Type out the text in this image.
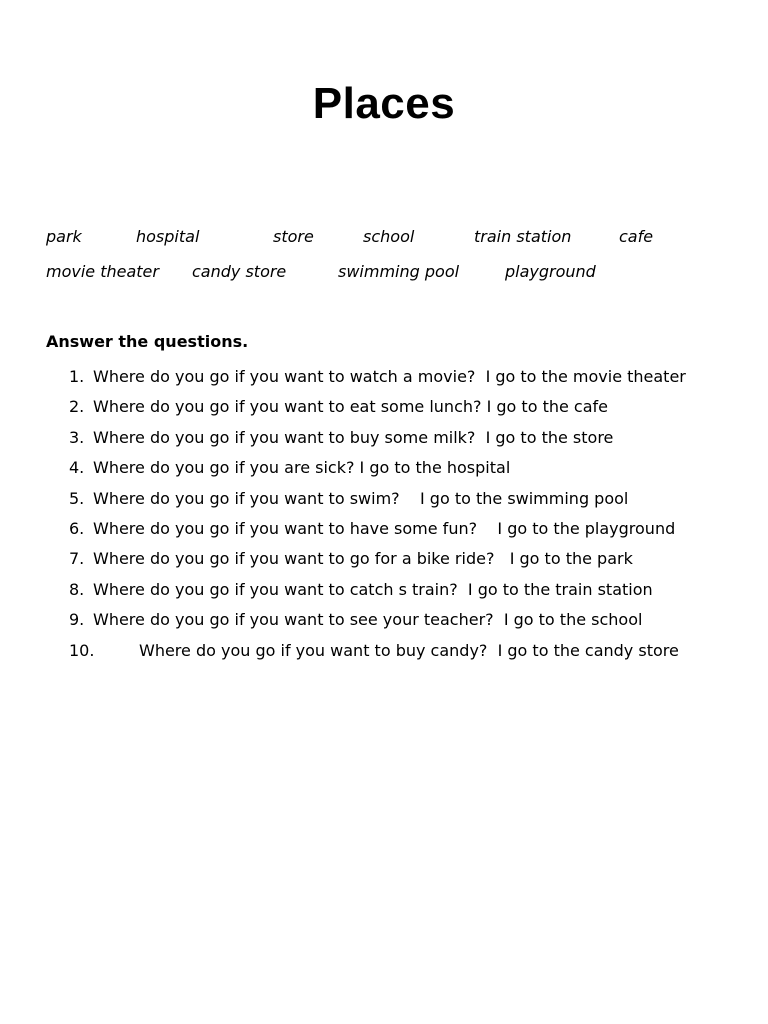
Places
park	hospital	store	school	train station	cafe
movie theater candy store	swimming pool	playground
Answer the questions.
1. Where do you go if you want to watch a movie?  I go to the movie theater
2. Where do you go if you want to eat some lunch? I go to the cafe
3. Where do you go if you want to buy some milk?  I go to the store
4. Where do you go if you are sick? I go to the hospital
5. Where do you go if you want to swim?    I go to the swimming pool
6. Where do you go if you want to have some fun?    I go to the playground
7. Where do you go if you want to go for a bike ride?   I go to the park
8. Where do you go if you want to catch s train?  I go to the train station
9. Where do you go if you want to see your teacher?  I go to the school
10.	Where do you go if you want to buy candy?  I go to the candy store
